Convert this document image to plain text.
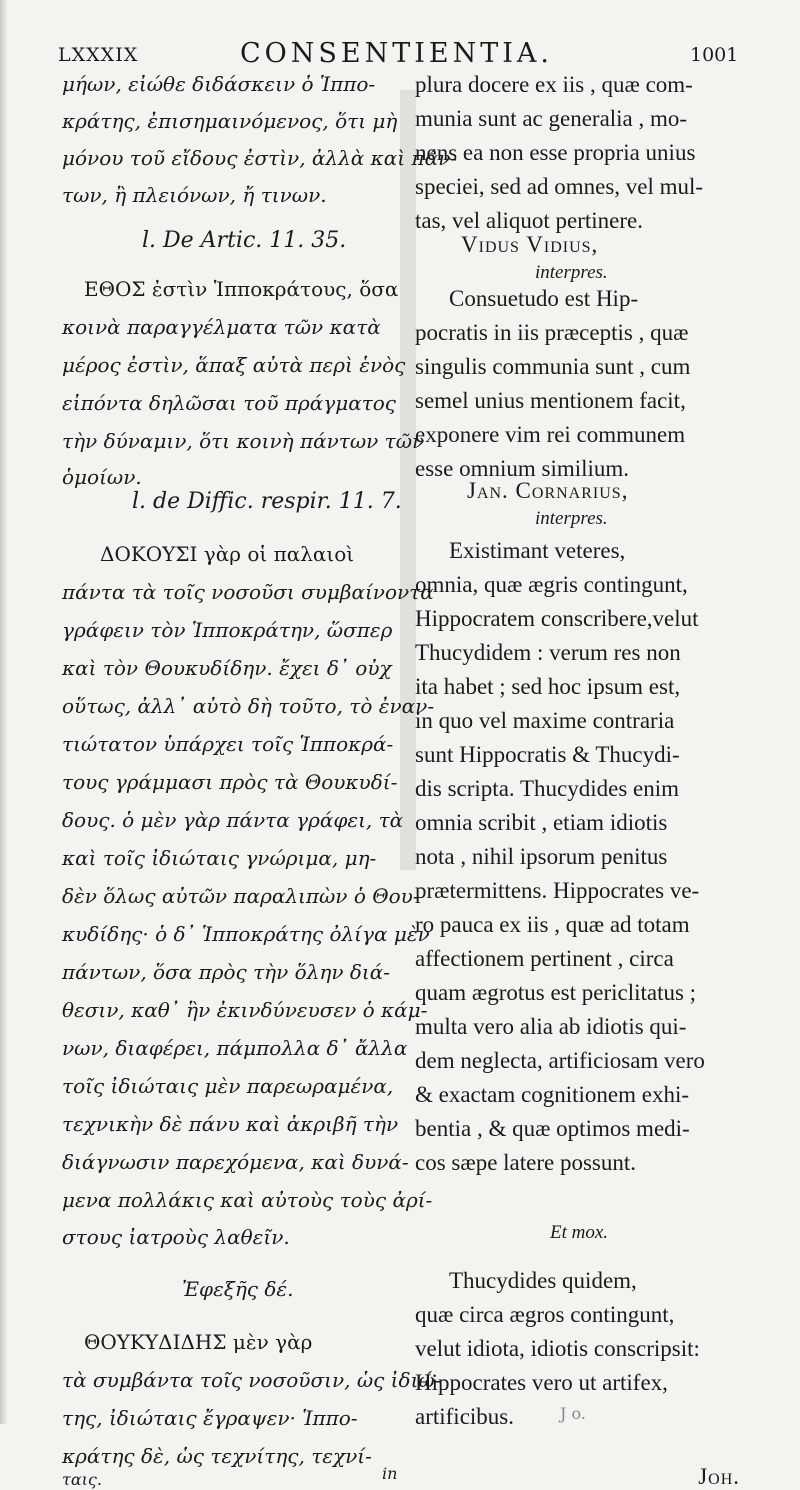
LXXXIX	CONSENTIENTIA.	1001
μήων, εἰώθε διδάσκειν ὁ Ἱππο-
κράτης, ἐπισημαινόμενος, ὅτι μὴ
μόνου τοῦ εἴδους ἐστὶν, ἀλλὰ καὶ πάν-
των, ἢ πλειόνων, ἤ τινων.
l. De Artic. 11. 35.
ΕΘΟΣ ἐστὶν Ἱπποκράτους, ὅσα
κοινὰ παραγγέλματα τῶν κατὰ
μέρος ἐστὶν, ἅπαξ αὐτὰ περὶ ἑνὸς
εἰπόντα δηλῶσαι τοῦ πράγματος
τὴν δύναμιν, ὅτι κοινὴ πάντων τῶν
ὁμοίων.
l. de Diffic. respir. 11. 7.
ΔΟΚΟΥΣΙ γὰρ οἱ παλαιοὶ
πάντα τὰ τοῖς νοσοῦσι συμβαίνοντα
γράφειν τὸν Ἱπποκράτην, ὥσπερ
καὶ τὸν Θουκυδίδην. ἔχει δ᾽ οὐχ
οὕτως, ἀλλ᾽ αὐτὸ δὴ τοῦτο, τὸ ἐναν-
τιώτατον ὑπάρχει τοῖς Ἱπποκρά-
τους γράμμασι πρὸς τὰ Θουκυδί-
δους. ὁ μὲν γὰρ πάντα γράφει, τὰ
καὶ τοῖς ἰδιώταις γνώριμα, μη-
δὲν ὅλως αὐτῶν παραλιπὼν ὁ Θου-
κυδίδης· ὁ δ᾽ Ἱπποκράτης ὀλίγα μὲν
πάντων, ὅσα πρὸς τὴν ὅλην διά-
θεσιν, καθ᾽ ἣν ἐκινδύνευσεν ὁ κάμ-
νων, διαφέρει, πάμπολλα δ᾽ ἄλλα
τοῖς ἰδιώταις μὲν παρεωραμένα,
τεχνικὴν δὲ πάνυ καὶ ἀκριβῆ τὴν
διάγνωσιν παρεχόμενα, καὶ δυνά-
μενα πολλάκις καὶ αὐτοὺς τοὺς ἀρί-
στους ἰατροὺς λαθεῖν.
Ἐφεξῆς δέ.
ΘΟΥΚΥΔΙΔΗΣ μὲν γὰρ
τὰ συμβάντα τοῖς νοσοῦσιν, ὡς ἰδιώ-
της, ἰδιώταις ἔγραψεν· Ἱππο-
κράτης δὲ, ὡς τεχνίτης, τεχνί-
ταις.	in
plura docere ex iis , quæ com-
munia sunt ac generalia , mo-
nens ea non esse propria unius
speciei, sed ad omnes, vel mul-
tas, vel aliquot pertinere.
Vidus Vidius,
interpres.
Consuetudo est Hip-
pocratis in iis præceptis , quæ
singulis communia sunt , cum
semel unius mentionem facit,
exponere vim rei communem
esse omnium similium.
Jan. Cornarius,
interpres.
Existimant veteres,
omnia, quæ ægris contingunt,
Hippocratem conscribere,velut
Thucydidem : verum res non
ita habet ; sed hoc ipsum est,
in quo vel maxime contraria
sunt Hippocratis & Thucydi-
dis scripta. Thucydides enim
omnia scribit , etiam idiotis
nota , nihil ipsorum penitus
prætermittens. Hippocrates ve-
ro pauca ex iis , quæ ad totam
affectionem pertinent , circa
quam ægrotus est periclitatus ;
multa vero alia ab idiotis qui-
dem neglecta, artificiosam vero
& exactam cognitionem exhi-
bentia , & quæ optimos medi-
cos sæpe latere possunt.
Et mox.
Thucydides quidem,
quæ circa ægros contingunt,
velut idiota, idiotis conscripsit:
Hippocrates vero ut artifex,
artificibus.
Joh.
J o.
